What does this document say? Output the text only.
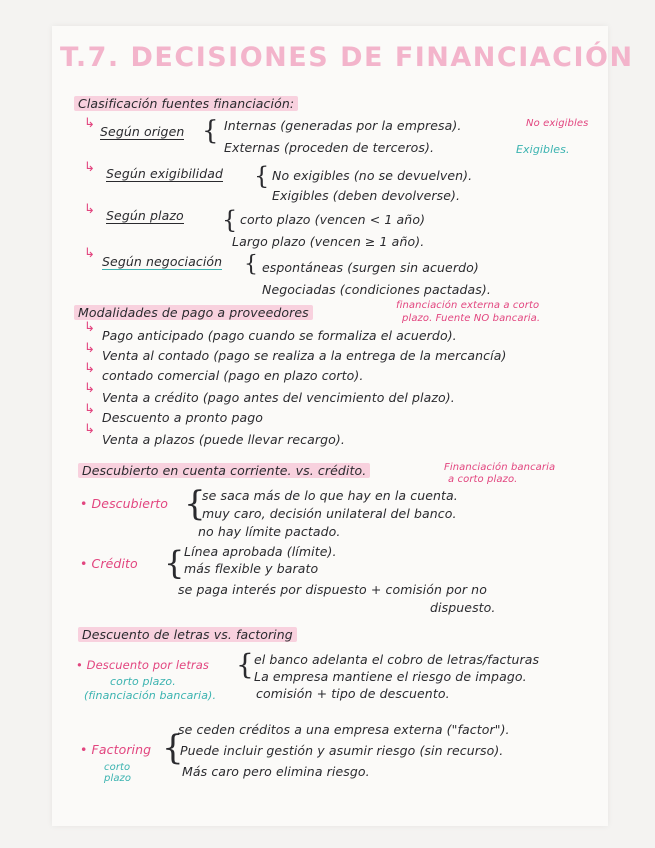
T.7. DECISIONES DE FINANCIACIÓN
Clasificación fuentes financiación:
↳
Según origen { Internas (generadas por la empresa).	No exigibles
Externas (proceden de terceros).	Exigibles.
↳ Según exigibilidad { No exigibles (no se devuelven).
Exigibles (deben devolverse).
↳ Según plazo { corto plazo (vencen < 1 año)
Largo plazo (vencen ≥ 1 año).
↳
Según negociación { espontáneas (surgen sin acuerdo)
Negociadas (condiciones pactadas).
Modalidades de pago a proveedores	financiación externa a corto
plazo. Fuente NO bancaria.
↳
Pago anticipado (pago cuando se formaliza el acuerdo).
↳ Venta al contado (pago se realiza a la entrega de la mercancía)
↳ contado comercial (pago en plazo corto).
↳
Venta a crédito (pago antes del vencimiento del plazo).
↳
Descuento a pronto pago
↳
Venta a plazos (puede llevar recargo).
Descubierto en cuenta corriente. vs. crédito.	Financiación bancaria
a corto plazo.
• Descubierto {
se saca más de lo que hay en la cuenta.
muy caro, decisión unilateral del banco.
no hay límite pactado.
• Crédito { Línea aprobada (límite).
más flexible y barato
se paga interés por dispuesto + comisión por no
dispuesto.
Descuento de letras vs. factoring
• Descuento por letras
corto plazo.
(financiación bancaria).
{ el banco adelanta el cobro de letras/facturas
La empresa mantiene el riesgo de impago.
comisión + tipo de descuento.
• Factoring
corto
plazo
{
se ceden créditos a una empresa externa ("factor").
Puede incluir gestión y asumir riesgo (sin recurso).
Más caro pero elimina riesgo.
